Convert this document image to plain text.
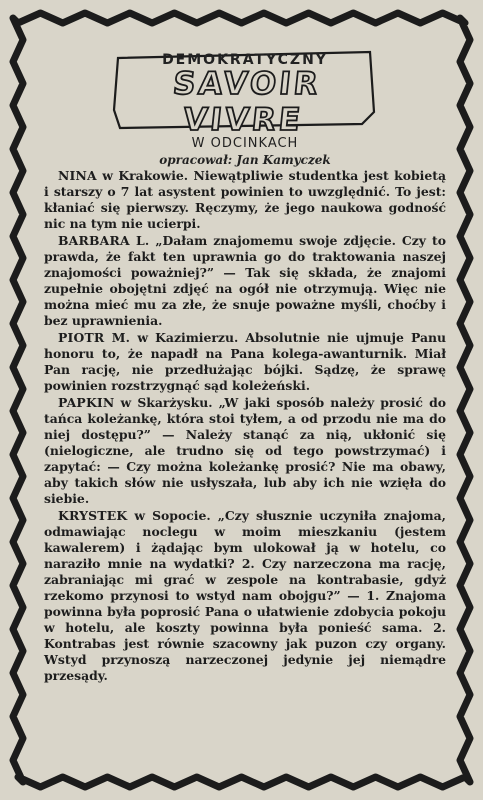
DEMOKRATYCZNY
SAVOIR VIVRE
W ODCINKACH
opracował: Jan Kamyczek

NINA w Krakowie. Niewątpliwie studentka jest kobietą i starszy o 7 lat asystent powinien to uwzględnić. To jest: kłaniać się pierwszy. Ręczymy, że jego naukowa godność nic na tym nie ucierpi.

BARBARA L. „Dałam znajomemu swoje zdjęcie. Czy to prawda, że fakt ten uprawnia go do traktowania naszej znajomości poważniej?” — Tak się składa, że znajomi zupełnie obojętni zdjęć na ogół nie otrzymują. Więc nie można mieć mu za złe, że snuje poważne myśli, choćby i bez uprawnienia.

PIOTR M. w Kazimierzu. Absolutnie nie ujmuje Panu honoru to, że napadł na Pana kolega-awanturnik. Miał Pan rację, nie przedłużając bójki. Sądzę, że sprawę powinien rozstrzygnąć sąd koleżeński.

PAPKIN w Skarżysku. „W jaki sposób należy prosić do tańca koleżankę, która stoi tyłem, a od przodu nie ma do niej dostępu?” — Należy stanąć za nią, ukłonić się (nielogiczne, ale trudno się od tego powstrzymać) i zapytać: — Czy można koleżankę prosić? Nie ma obawy, aby takich słów nie usłyszała, lub aby ich nie wzięła do siebie.

KRYSTEK w Sopocie. „Czy słusznie uczyniła znajoma, odmawiając noclegu w moim mieszkaniu (jestem kawalerem) i żądając bym ulokował ją w hotelu, co naraziło mnie na wydatki? 2. Czy narzeczona ma rację, zabraniając mi grać w zespole na kontrabasie, gdyż rzekomo przynosi to wstyd nam obojgu?” — 1. Znajoma powinna była poprosić Pana o ułatwienie zdobycia pokoju w hotelu, ale koszty powinna była ponieść sama. 2. Kontrabas jest równie szacowny jak puzon czy organy. Wstyd przynoszą narzeczonej jedynie jej niemądre przesądy.
